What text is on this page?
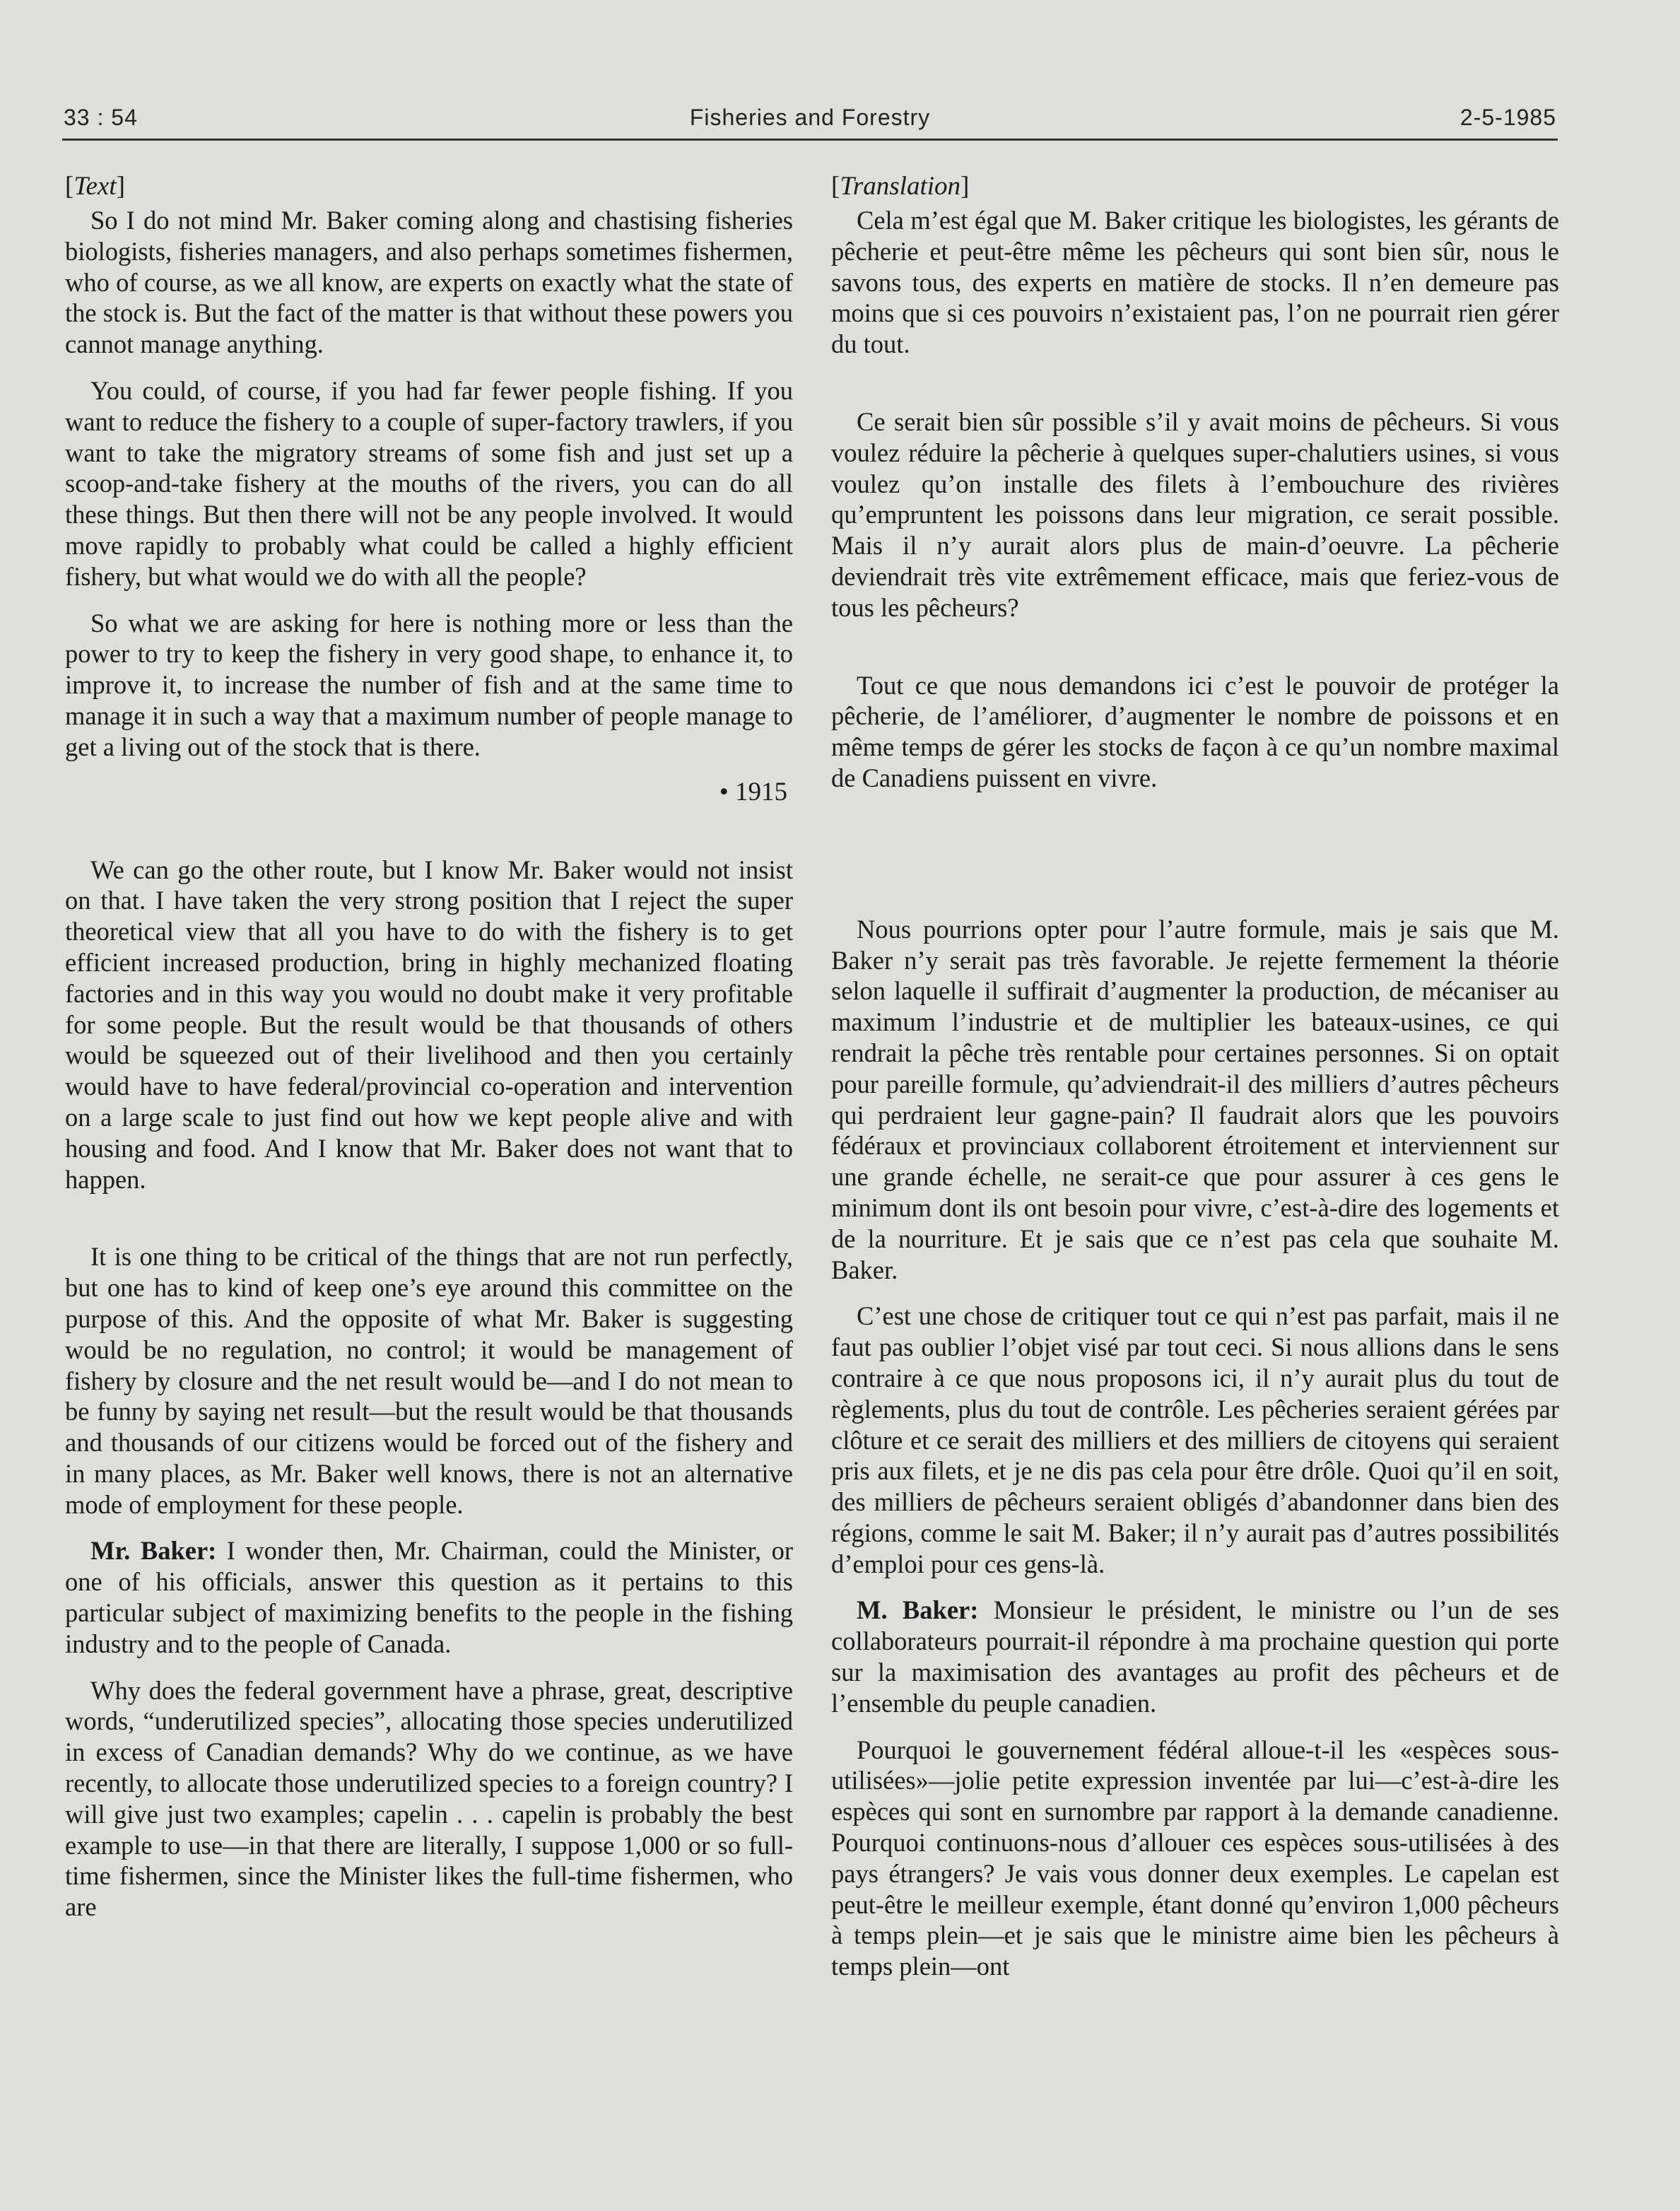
33 : 54	Fisheries and Forestry	2-5-1985
[Text]

So I do not mind Mr. Baker coming along and chastising fisheries biologists, fisheries managers, and also perhaps sometimes fishermen, who of course, as we all know, are experts on exactly what the state of the stock is. But the fact of the matter is that without these powers you cannot manage anything.

You could, of course, if you had far fewer people fishing. If you want to reduce the fishery to a couple of super-factory trawlers, if you want to take the migratory streams of some fish and just set up a scoop-and-take fishery at the mouths of the rivers, you can do all these things. But then there will not be any people involved. It would move rapidly to probably what could be called a highly efficient fishery, but what would we do with all the people?

So what we are asking for here is nothing more or less than the power to try to keep the fishery in very good shape, to enhance it, to improve it, to increase the number of fish and at the same time to manage it in such a way that a maximum number of people manage to get a living out of the stock that is there.

• 1915

We can go the other route, but I know Mr. Baker would not insist on that. I have taken the very strong position that I reject the super theoretical view that all you have to do with the fishery is to get efficient increased production, bring in highly mechanized floating factories and in this way you would no doubt make it very profitable for some people. But the result would be that thousands of others would be squeezed out of their livelihood and then you certainly would have to have federal/provincial co-operation and intervention on a large scale to just find out how we kept people alive and with housing and food. And I know that Mr. Baker does not want that to happen.

It is one thing to be critical of the things that are not run perfectly, but one has to kind of keep one’s eye around this committee on the purpose of this. And the opposite of what Mr. Baker is suggesting would be no regulation, no control; it would be management of fishery by closure and the net result would be—and I do not mean to be funny by saying net result—but the result would be that thousands and thousands of our citizens would be forced out of the fishery and in many places, as Mr. Baker well knows, there is not an alternative mode of employment for these people.

Mr. Baker: I wonder then, Mr. Chairman, could the Minister, or one of his officials, answer this question as it pertains to this particular subject of maximizing benefits to the people in the fishing industry and to the people of Canada.

Why does the federal government have a phrase, great, descriptive words, “underutilized species”, allocating those species underutilized in excess of Canadian demands? Why do we continue, as we have recently, to allocate those underutilized species to a foreign country? I will give just two examples; capelin . . . capelin is probably the best example to use—in that there are literally, I suppose 1,000 or so full-time fishermen, since the Minister likes the full-time fishermen, who are

[Translation]

Cela m’est égal que M. Baker critique les biologistes, les gérants de pêcherie et peut-être même les pêcheurs qui sont bien sûr, nous le savons tous, des experts en matière de stocks. Il n’en demeure pas moins que si ces pouvoirs n’existaient pas, l’on ne pourrait rien gérer du tout.

Ce serait bien sûr possible s’il y avait moins de pêcheurs. Si vous voulez réduire la pêcherie à quelques super-chalutiers usines, si vous voulez qu’on installe des filets à l’embouchure des rivières qu’empruntent les poissons dans leur migration, ce serait possible. Mais il n’y aurait alors plus de main-d’oeuvre. La pêcherie deviendrait très vite extrêmement efficace, mais que feriez-vous de tous les pêcheurs?

Tout ce que nous demandons ici c’est le pouvoir de protéger la pêcherie, de l’améliorer, d’augmenter le nombre de poissons et en même temps de gérer les stocks de façon à ce qu’un nombre maximal de Canadiens puissent en vivre.

Nous pourrions opter pour l’autre formule, mais je sais que M. Baker n’y serait pas très favorable. Je rejette fermement la théorie selon laquelle il suffirait d’augmenter la production, de mécaniser au maximum l’industrie et de multiplier les bateaux-usines, ce qui rendrait la pêche très rentable pour certaines personnes. Si on optait pour pareille formule, qu’adviendrait-il des milliers d’autres pêcheurs qui perdraient leur gagne-pain? Il faudrait alors que les pouvoirs fédéraux et provinciaux collaborent étroitement et interviennent sur une grande échelle, ne serait-ce que pour assurer à ces gens le minimum dont ils ont besoin pour vivre, c’est-à-dire des logements et de la nourriture. Et je sais que ce n’est pas cela que souhaite M. Baker.

C’est une chose de critiquer tout ce qui n’est pas parfait, mais il ne faut pas oublier l’objet visé par tout ceci. Si nous allions dans le sens contraire à ce que nous proposons ici, il n’y aurait plus du tout de règlements, plus du tout de contrôle. Les pêcheries seraient gérées par clôture et ce serait des milliers et des milliers de citoyens qui seraient pris aux filets, et je ne dis pas cela pour être drôle. Quoi qu’il en soit, des milliers de pêcheurs seraient obligés d’abandonner dans bien des régions, comme le sait M. Baker; il n’y aurait pas d’autres possibilités d’emploi pour ces gens-là.

M. Baker: Monsieur le président, le ministre ou l’un de ses collaborateurs pourrait-il répondre à ma prochaine question qui porte sur la maximisation des avantages au profit des pêcheurs et de l’ensemble du peuple canadien.

Pourquoi le gouvernement fédéral alloue-t-il les «espèces sous-utilisées»—jolie petite expression inventée par lui—c’est-à-dire les espèces qui sont en surnombre par rapport à la demande canadienne. Pourquoi continuons-nous d’allouer ces espèces sous-utilisées à des pays étrangers? Je vais vous donner deux exemples. Le capelan est peut-être le meilleur exemple, étant donné qu’environ 1,000 pêcheurs à temps plein—et je sais que le ministre aime bien les pêcheurs à temps plein—ont
